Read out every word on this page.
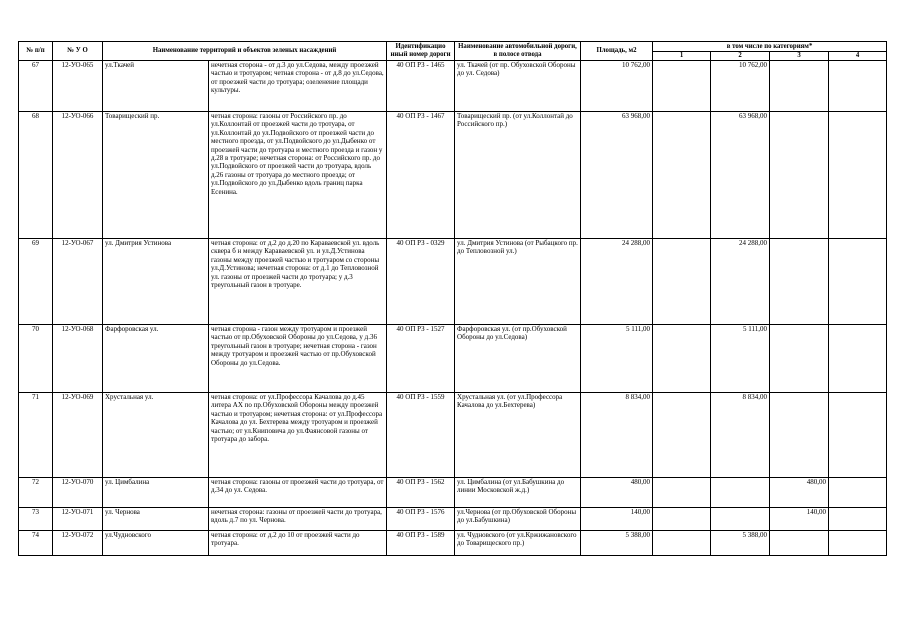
№ п/п	№ У О	Наименование территорий и объектов зеленых насаждений		Идентификацио нный номер дороги	Наименование автомобильной дороги, в полосе отвода	Площадь, м2	в том числе по категориям*			
							1	2	3	4
67	12-УО-065	ул.Ткачей	нечетная сторона - от д.3 до ул.Седова, между проезжей частью и тротуаром; четная сторона - от д.8 до ул.Седова, от проезжей части до тротуара; озеленение площади культуры.	40 ОП РЗ - 1465	ул. Ткачей (от пр. Обуховской Обороны до ул. Седова)	10 762,00		10 762,00		
68	12-УО-066	Товарищеский пр.	четная сторона: газоны от Российского пр. до ул.Коллонтай от проезжей части до тротуара, от ул.Коллонтай до ул.Подвойского от проезжей части до местного проезда, от ул.Подвойского до ул.Дыбенко от проезжей части до тротуара и местного проезда и газон у д.28 в тротуаре; нечетная сторона: от Российского пр. до ул.Подвойского от проезжей части до тротуара, вдоль д.26 газоны от тротуара до местного проезда; от ул.Подвойского до ул.Дыбенко вдоль границ парка Есенина.	40 ОП РЗ - 1467	Товарищеский пр. (от ул.Коллонтай до Российского пр.)	63 968,00		63 968,00		
69	12-УО-067	ул. Дмитрия Устинова	четная сторона: от д.2 до д.20 по Караваевской ул. вдоль сквера б н между Караваевской ул. и ул.Д.Устинова газоны между проезжей частью и тротуаром со стороны ул.Д.Устинова; нечетная сторона: от д.1 до Тепловозной ул. газоны от проезжей части до тротуара; у д.3 треугольный газон в тротуаре.	40 ОП РЗ - 0329	ул. Дмитрия Устинова (от Рыбацкого пр. до Тепловозной ул.)	24 288,00		24 288,00		
70	12-УО-068	Фарфоровская ул.	четная сторона - газон между тротуаром и проезжей частью от пр.Обуховской Обороны до ул.Седова, у д.36 треугольный газон в тротуаре; нечетная сторона - газон между тротуаром и проезжей частью от пр.Обуховской Обороны до ул.Седова.	40 ОП РЗ - 1527	Фарфоровская ул. (от пр.Обуховской Обороны до ул.Седова)	5 111,00		5 111,00		
71	12-УО-069	Хрустальная ул.	четная сторона: от ул.Профессора Качалова до д.45 литера АХ по пр.Обуховской Обороны между проезжей частью и тротуаром; нечетная сторона: от ул.Профессора Качалова до ул. Бехтерева между тротуаром и проезжей частью; от ул.Книповича до ул.Фаянсовой газоны от тротуара до забора.	40 ОП РЗ - 1559	Хрустальная ул. (от ул.Профессора Качалова до ул.Бехтерева)	8 834,00		8 834,00		
72	12-УО-070	ул. Цимбалина	четная сторона: газоны от проезжей части до тротуара, от д.34 до ул. Седова.	40 ОП РЗ - 1562	ул. Цимбалина (от ул.Бабушкина до линии Московской ж.д.)	480,00			480,00	
73	12-УО-071	ул. Чернова	нечетная сторона: газоны от проезжей части до тротуара, вдоль д.7 по ул. Чернова.	40 ОП РЗ - 1576	ул.Чернова (от пр.Обуховской Обороны до ул.Бабушкина)	140,00			140,00	
74	12-УО-072	ул.Чудновского	четная сторона: от д.2 до 10 от проезжей части до тротуара.	40 ОП РЗ - 1589	ул. Чудновского (от ул.Кржижановского до Товарищеского пр.)	5 388,00		5 388,00		
